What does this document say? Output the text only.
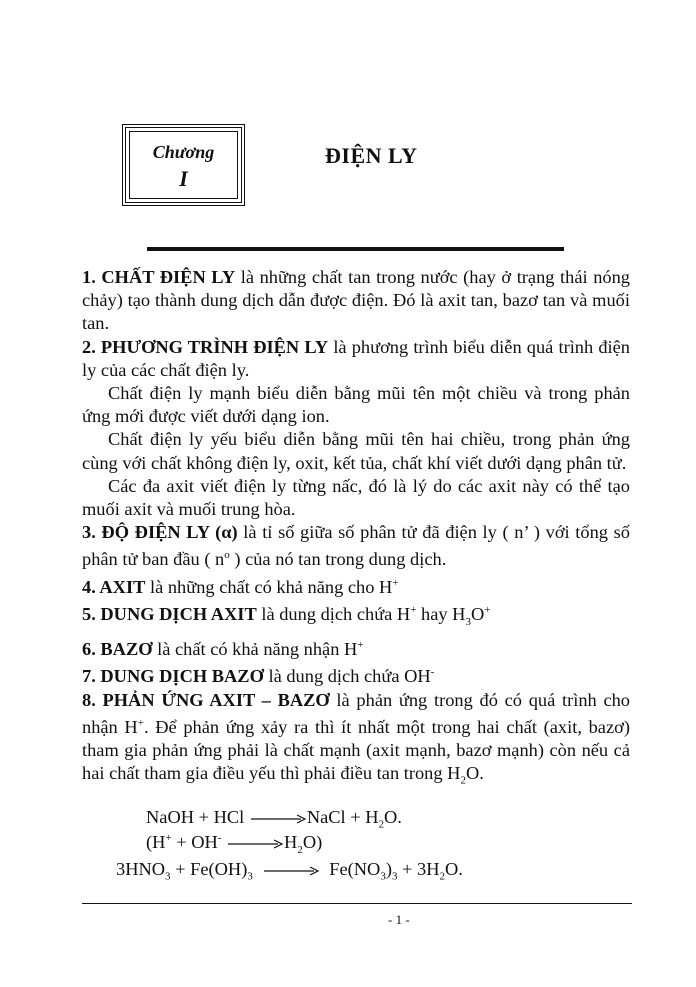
Chương
I
ĐIỆN LY

1. CHẤT ĐIỆN LY là những chất tan trong nước (hay ở trạng thái nóng chảy) tạo thành dung dịch dẫn được điện. Đó là axit tan, bazơ tan và muối tan.

2. PHƯƠNG TRÌNH ĐIỆN LY là phương trình biểu diễn quá trình điện ly của các chất điện ly.

Chất điện ly mạnh biểu diễn bằng mũi tên một chiều và trong phản ứng mới được viết dưới dạng ion.

Chất điện ly yếu biểu diễn bằng mũi tên hai chiều, trong phản ứng cùng với chất không điện ly, oxit, kết tủa, chất khí viết dưới dạng phân tử.

Các đa axit viết điện ly từng nấc, đó là lý do các axit này có thể tạo muối axit và muối trung hòa.

3. ĐỘ ĐIỆN LY (α) là tỉ số giữa số phân tử đã điện ly ( n’ ) với tổng số phân tử ban đầu ( $n^o$ ) của nó tan trong dung dịch.

4. AXIT là những chất có khả năng cho H+

5. DUNG DỊCH AXIT là dung dịch chứa H+ hay $H_3O^+$

6. BAZƠ là chất có khả năng nhận H+

7. DUNG DỊCH BAZƠ là dung dịch chứa OH-

8. PHẢN ỨNG AXIT – BAZƠ là phản ứng trong đó có quá trình cho nhận H+. Để phản ứng xảy ra thì ít nhất một trong hai chất (axit, bazơ) tham gia phản ứng phải là chất mạnh (axit mạnh, bazơ mạnh) còn nếu cả hai chất tham gia điều yếu thì phải điều tan trong $H_2O$.

NaOH + HCl	NaCl + $H_2O$.
(H+ + OH-	$H_2O$)
$3HNO_3 + Fe(OH)_3$	$Fe(NO_3)_3 + 3H_2O$.
- 1 -
